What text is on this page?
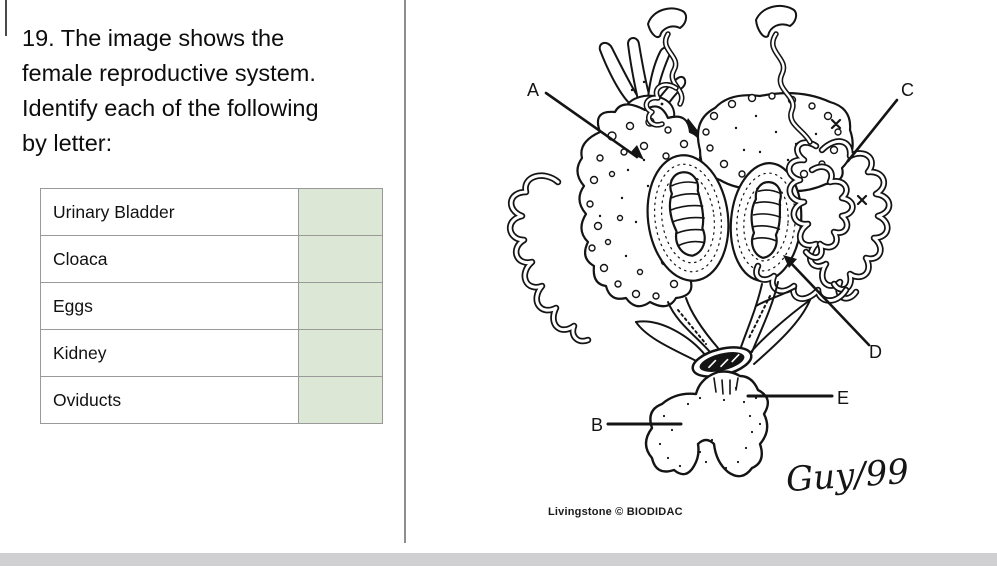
19. The image shows the
female reproductive system.
Identify each of the following
by letter:
Urinary Bladder	
Cloaca	
Eggs	
Kidney	
Oviducts	
A	C
D
B
E
Livingstone © BIODIDAC
Guy/99
